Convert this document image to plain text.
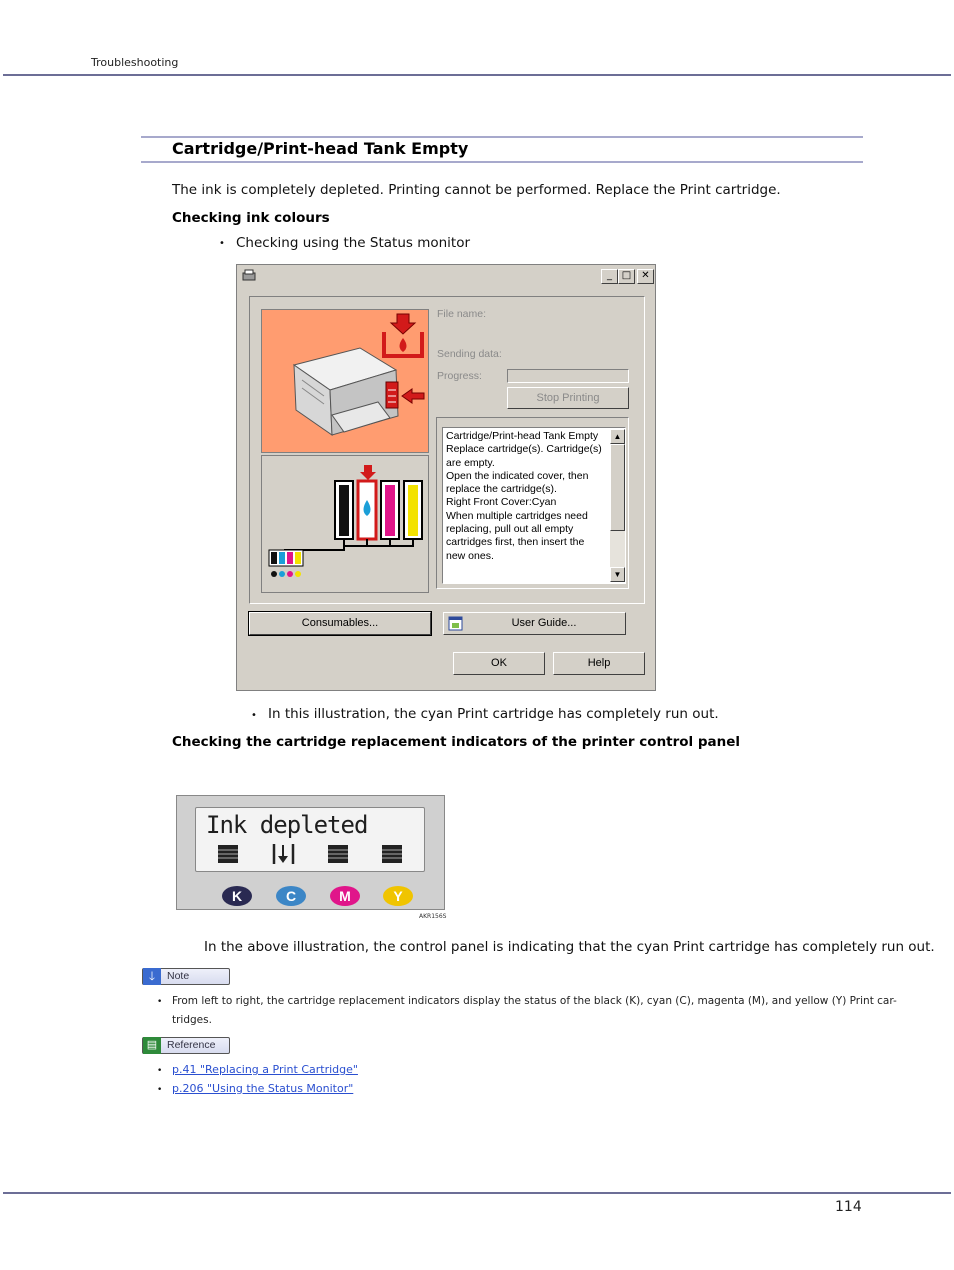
Troubleshooting
Cartridge/Print-head Tank Empty
The ink is completely depleted. Printing cannot be performed. Replace the Print cartridge.
Checking ink colours
• Checking using the Status monitor
_ □	✕
File name:
Sending data:
Progress:
Stop Printing
Cartridge/Print-head Tank Empty
Replace cartridge(s). Cartridge(s)
are empty.
Open the indicated cover, then
replace the cartridge(s).
Right Front Cover:Cyan
When multiple cartridges need
replacing, pull out all empty
cartridges first, then insert the
new ones.
▲
▼
Consumables...	User Guide...
OK	Help
• In this illustration, the cyan Print cartridge has completely run out.
Checking the cartridge replacement indicators of the printer control panel
Ink depleted
K	C	M	Y
AKR156S
In the above illustration, the control panel is indicating that the cyan Print cartridge has completely run out.
🡓	Note
• From left to right, the cartridge replacement indicators display the status of the black (K), cyan (C), magenta (M), and yellow (Y) Print car-
tridges.
▤ Reference
• p.41 "Replacing a Print Cartridge"
• p.206 "Using the Status Monitor"
114
